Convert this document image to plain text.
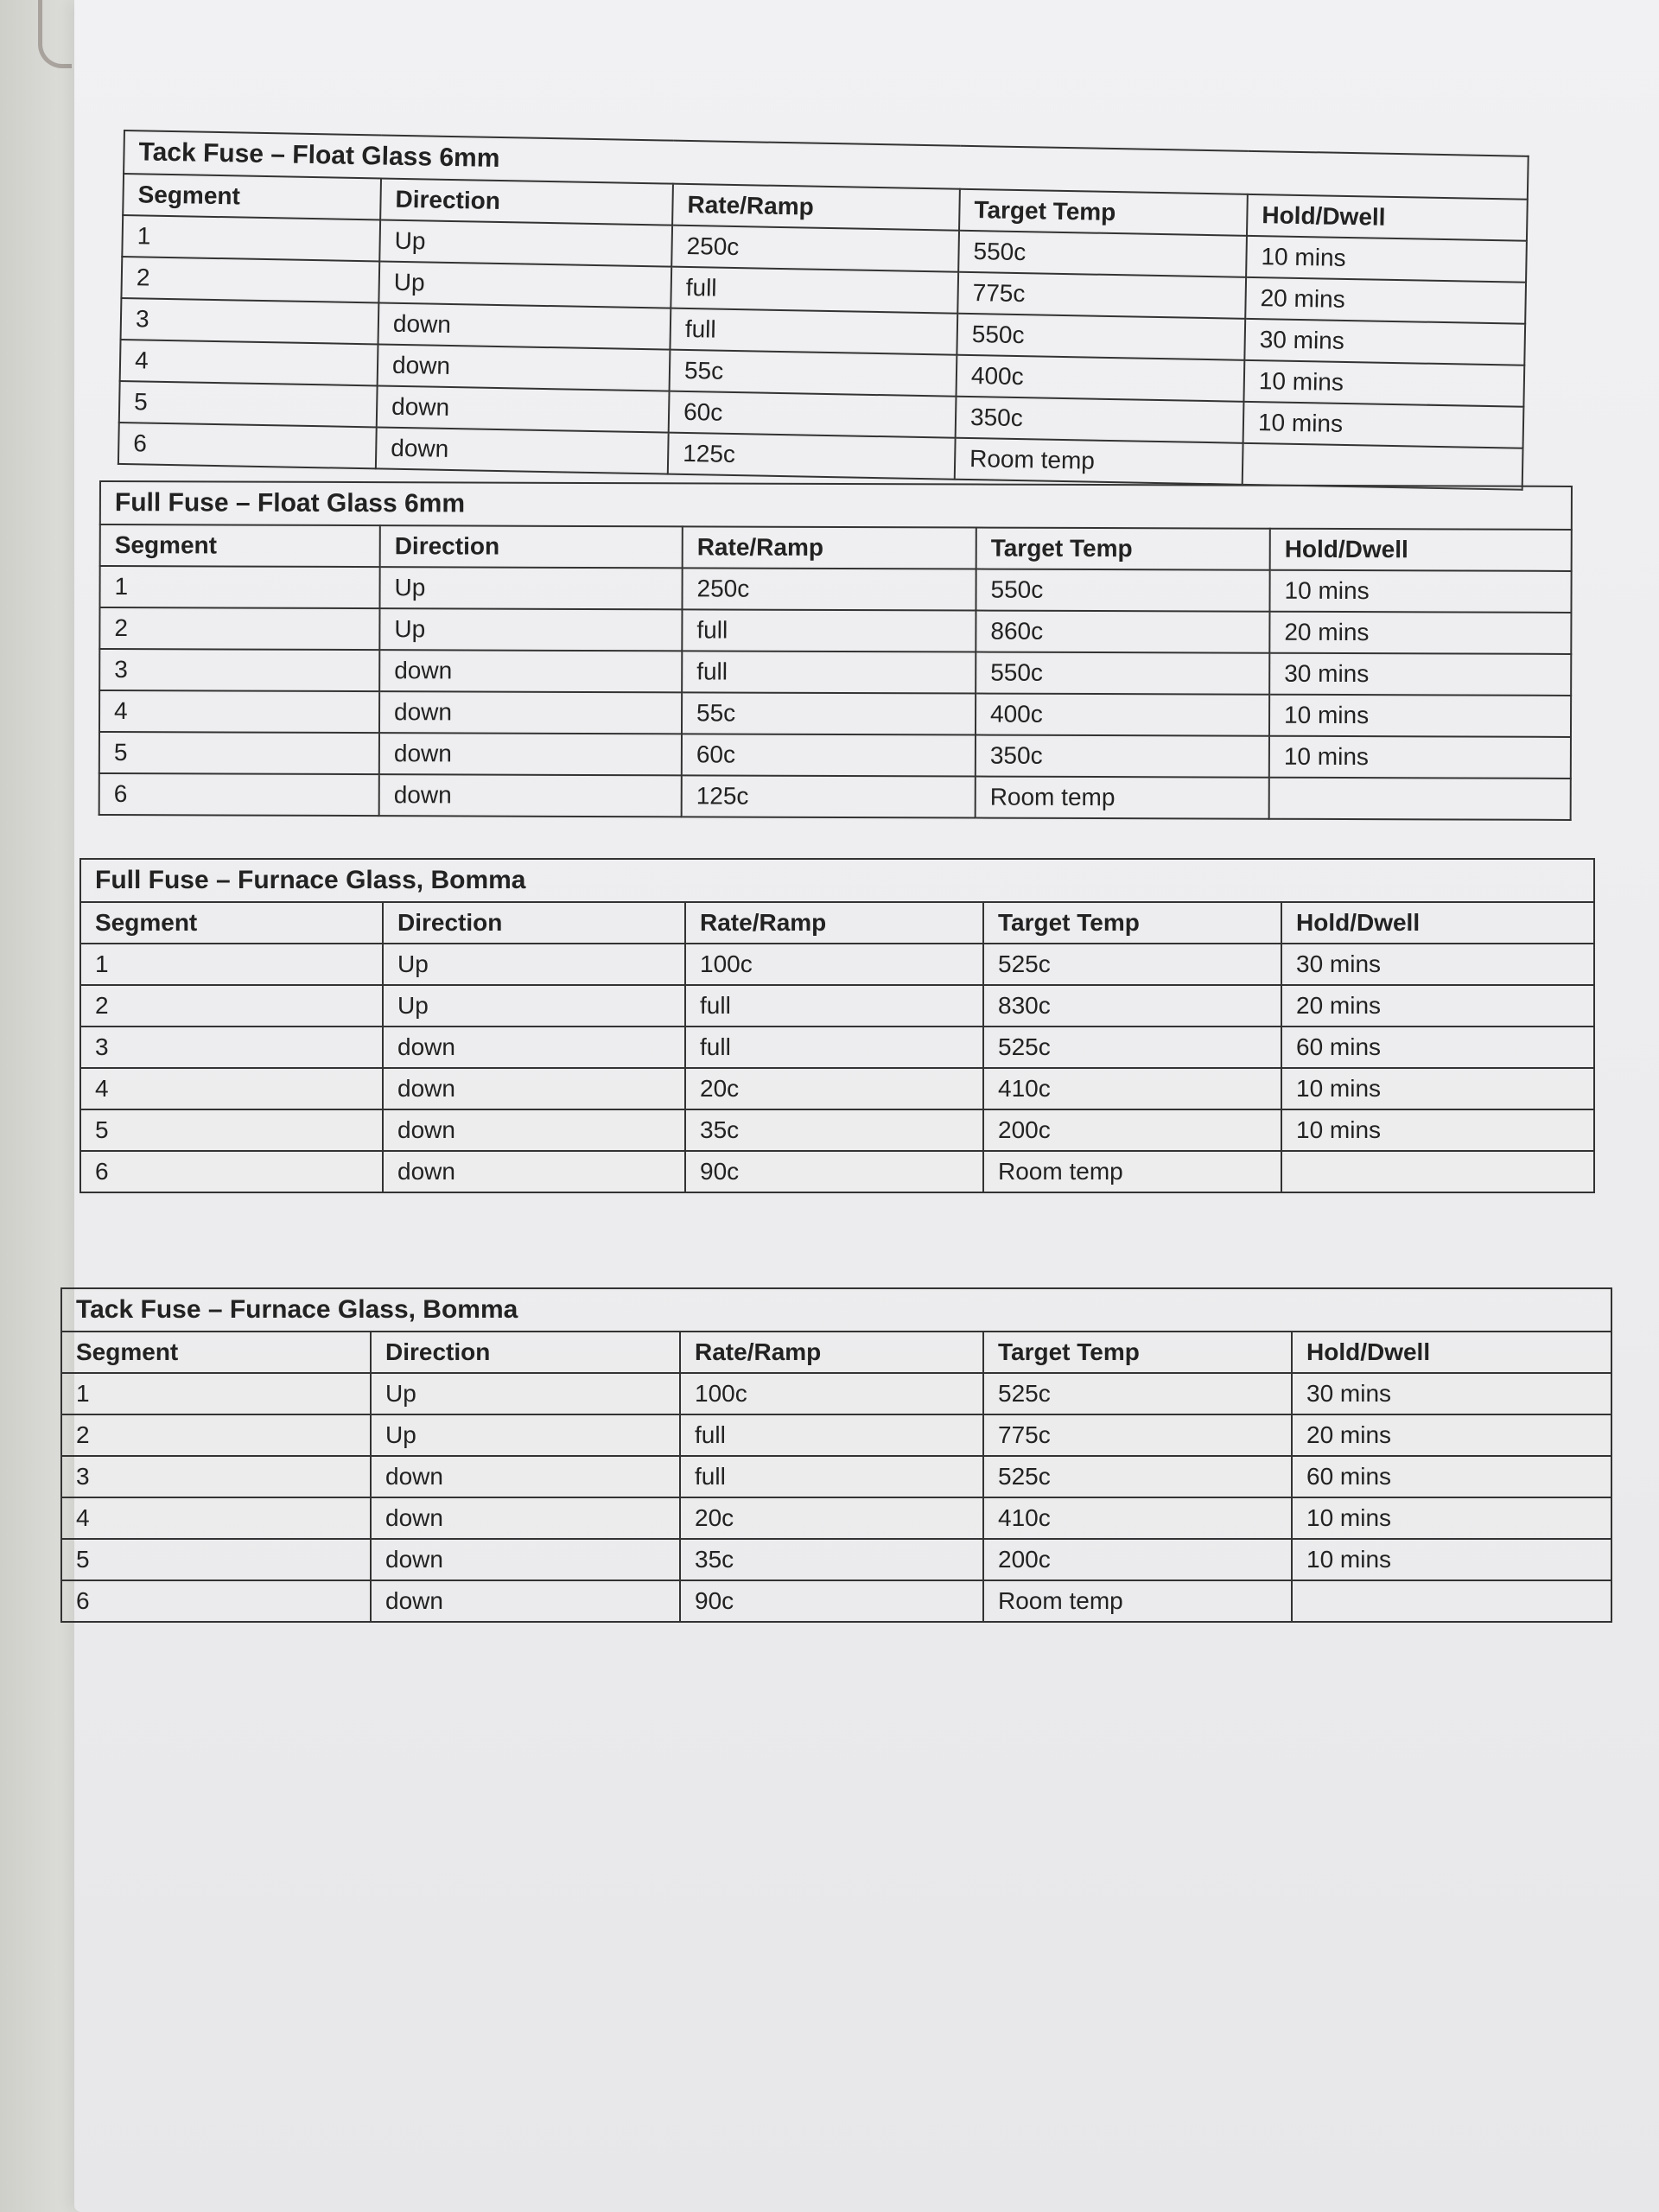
Tack Fuse – Float Glass 6mm				
Segment	Direction	Rate/Ramp	Target Temp	Hold/Dwell
1	Up	250c	550c	10 mins
2	Up	full	775c	20 mins
3	down	full	550c	30 mins
4	down	55c	400c	10 mins
5	down	60c	350c	10 mins
6	down	125c	Room temp	
Full Fuse – Float Glass 6mm				
Segment	Direction	Rate/Ramp	Target Temp	Hold/Dwell
1	Up	250c	550c	10 mins
2	Up	full	860c	20 mins
3	down	full	550c	30 mins
4	down	55c	400c	10 mins
5	down	60c	350c	10 mins
6	down	125c	Room temp	
Full Fuse – Furnace Glass, Bomma				
Segment	Direction	Rate/Ramp	Target Temp	Hold/Dwell
1	Up	100c	525c	30 mins
2	Up	full	830c	20 mins
3	down	full	525c	60 mins
4	down	20c	410c	10 mins
5	down	35c	200c	10 mins
6	down	90c	Room temp	
Tack Fuse – Furnace Glass, Bomma				
Segment	Direction	Rate/Ramp	Target Temp	Hold/Dwell
1	Up	100c	525c	30 mins
2	Up	full	775c	20 mins
3	down	full	525c	60 mins
4	down	20c	410c	10 mins
5	down	35c	200c	10 mins
6	down	90c	Room temp	
